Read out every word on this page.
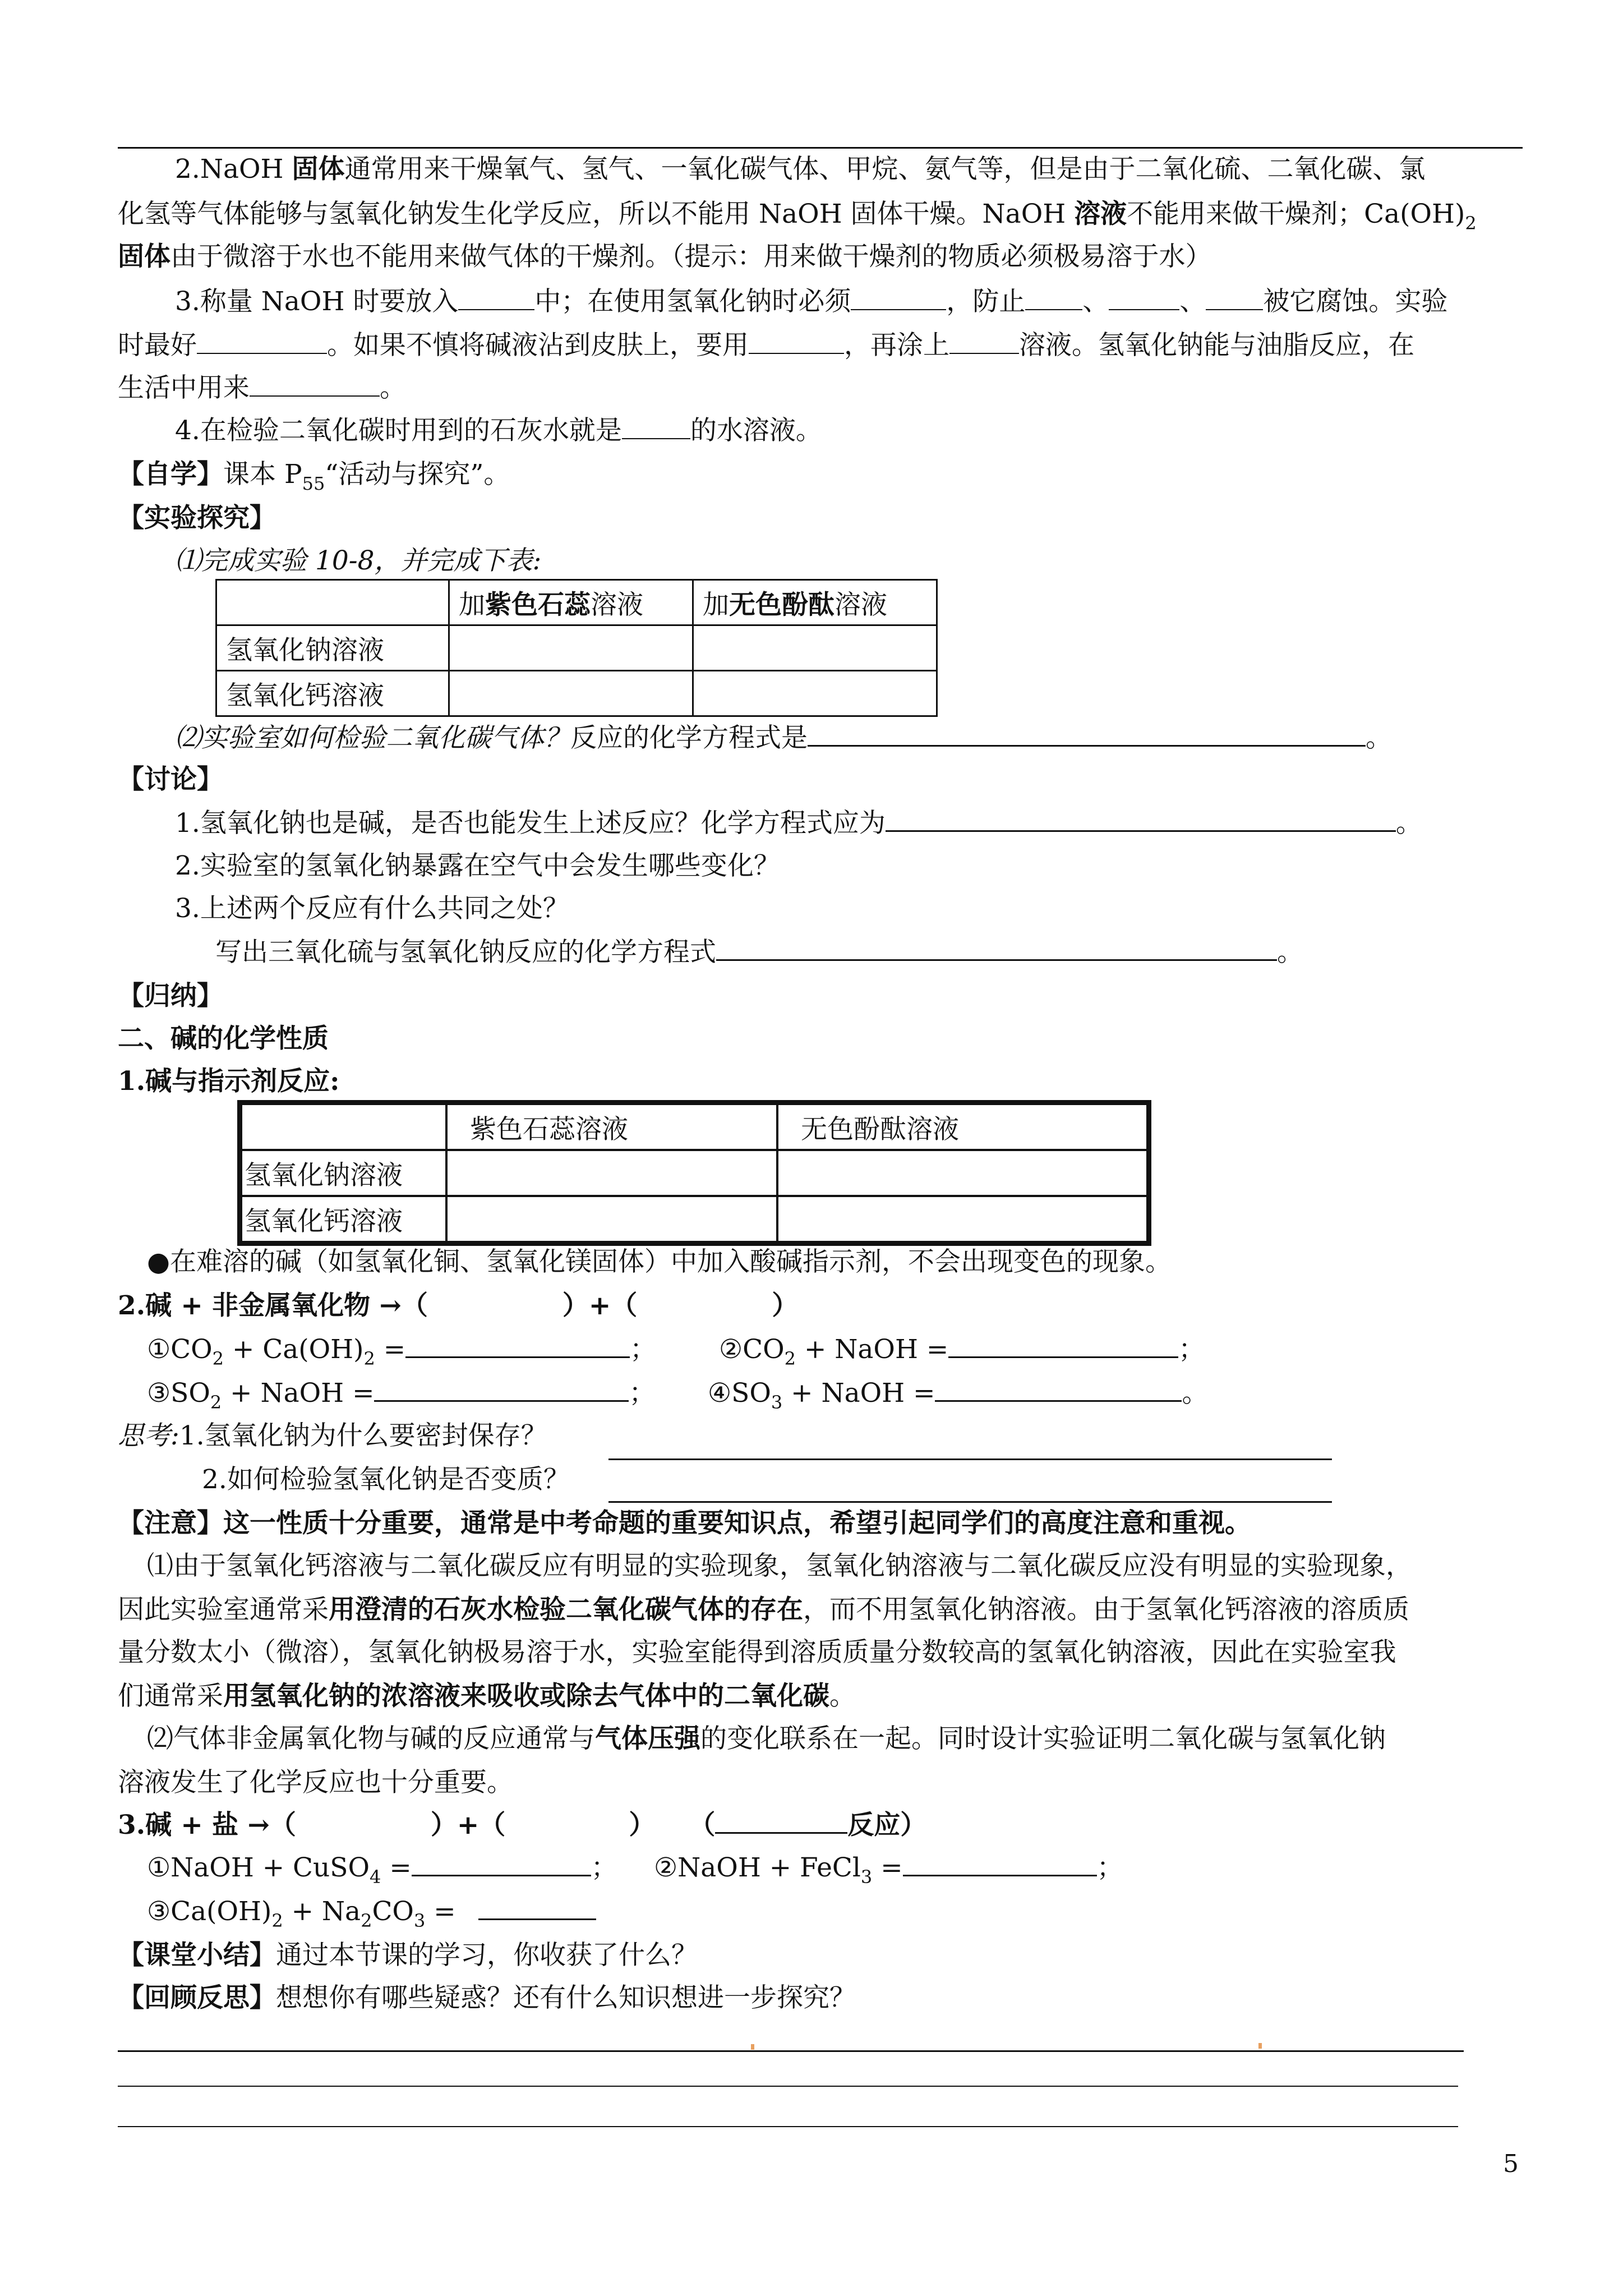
2.NaOH 固体通常用来干燥氧气、氢气、一氧化碳气体、甲烷、氨气等，但是由于二氧化硫、二氧化碳、氯
化氢等气体能够与氢氧化钠发生化学反应，所以不能用 NaOH 固体干燥。NaOH 溶液不能用来做干燥剂；$Ca(OH)_2$
固体由于微溶于水也不能用来做气体的干燥剂。（提示：用来做干燥剂的物质必须极易溶于水）
3.称量 NaOH 时要放入	中；在使用氢氧化钠时必须	，防止 、	、 被它腐蚀。实验
时最好	。如果不慎将碱液沾到皮肤上，要用	，再涂上	溶液。氢氧化钠能与油脂反应，在
生活中用来	。
4.在检验二氧化碳时用到的石灰水就是	的水溶液。
【自学】课本 $P_{55}“$活动与探究”。
【实验探究】
⑴完成实验 10-8，并完成下表:
	加紫色石蕊溶液	加无色酚酞溶液
氢氧化钠溶液		
氢氧化钙溶液		
⑵实验室如何检验二氧化碳气体？反应的化学方程式是	。
【讨论】
1.氢氧化钠也是碱，是否也能发生上述反应？化学方程式应为	。
2.实验室的氢氧化钠暴露在空气中会发生哪些变化？
3.上述两个反应有什么共同之处？
写出三氧化硫与氢氧化钠反应的化学方程式	。
【归纳】
二、碱的化学性质
1.碱与指示剂反应:
	紫色石蕊溶液	无色酚酞溶液
氢氧化钠溶液		
氢氧化钙溶液		
●在难溶的碱（如氢氧化铜、氢氧化镁固体）中加入酸碱指示剂，不会出现变色的现象。
2.碱 + 非金属氧化物 →（	）+（	）
$①CO_2 + Ca(OH)_2$ =	； $②CO_2$ + NaOH =	；
$③SO_2$ + NaOH =	； $④SO_3$ + NaOH =	。
思考:1.氢氧化钠为什么要密封保存？
2.如何检验氢氧化钠是否变质？
【注意】这一性质十分重要，通常是中考命题的重要知识点，希望引起同学们的高度注意和重视。
⑴由于氢氧化钙溶液与二氧化碳反应有明显的实验现象，氢氧化钠溶液与二氧化碳反应没有明显的实验现象，
因此实验室通常采用澄清的石灰水检验二氧化碳气体的存在，而不用氢氧化钠溶液。由于氢氧化钙溶液的溶质质
量分数太小（微溶），氢氧化钠极易溶于水，实验室能得到溶质质量分数较高的氢氧化钠溶液，因此在实验室我
们通常采用氢氧化钠的浓溶液来吸收或除去气体中的二氧化碳。
⑵气体非金属氧化物与碱的反应通常与气体压强的变化联系在一起。同时设计实验证明二氧化碳与氢氧化钠
溶液发生了化学反应也十分重要。
3.碱 + 盐 →（	）+（	） （	反应）
①NaOH + CuSO$_4$ =	； ②NaOH + FeCl$_3$ =	；
$③Ca(OH)_2 + Na_2CO_3$ =
【课堂小结】通过本节课的学习，你收获了什么？
【回顾反思】想想你有哪些疑惑？还有什么知识想进一步探究？
5
